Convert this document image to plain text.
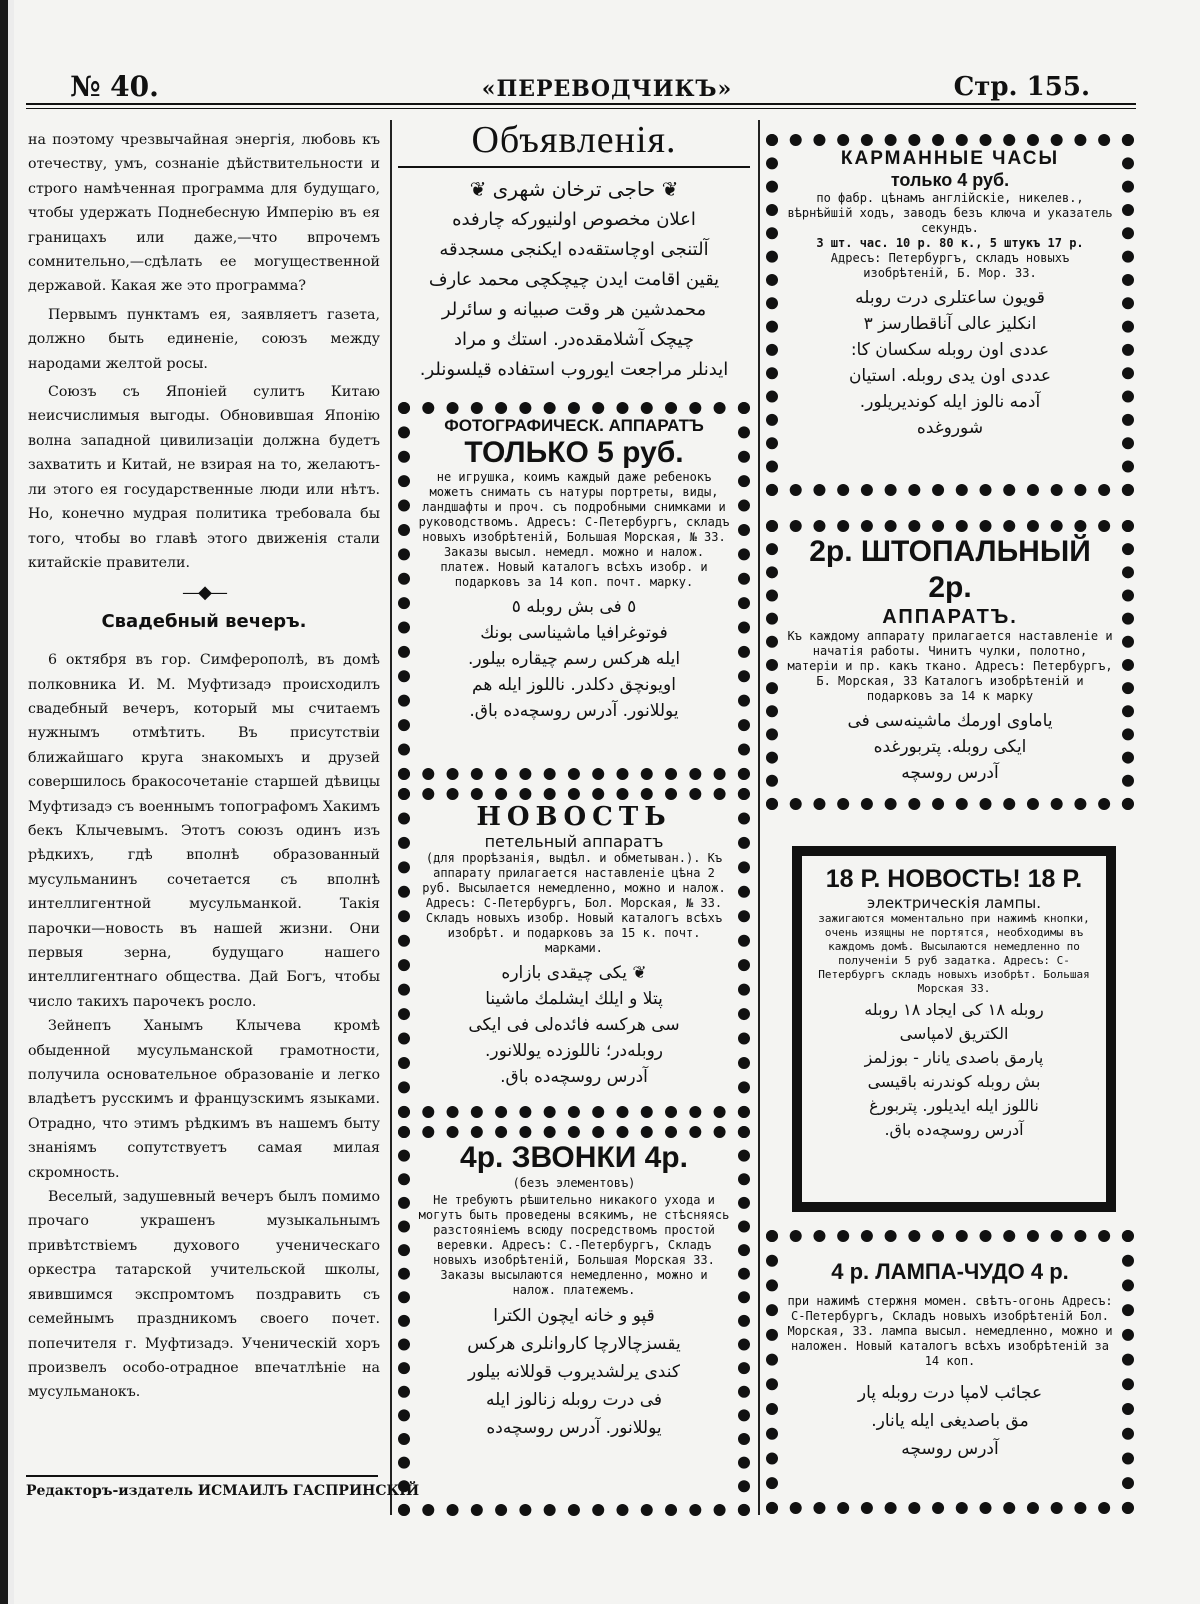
№ 40.	«ПЕРЕВОДЧИКЪ»	Стр. 155.

на поэтому чрезвычайная энергія, любовь къ отечеству, умъ, сознаніе дѣйствительности и строго намѣченная программа для будущаго, чтобы удержать Поднебесную Имперію въ ея границахъ или даже,—что впрочемъ сомнительно,—сдѣлать ее могущественной державой. Какая же это программа?

Первымъ пунктамъ ея, заявляетъ газета, должно быть единеніе, союзъ между народами желтой росы.

Союзъ съ Японіей сулитъ Китаю неисчислимыя выгоды. Обновившая Японію волна западной цивилизаціи должна будетъ захватить и Китай, не взирая на то, желаютъ-ли этого ея государственные люди или нѣтъ. Но, конечно мудрая политика требовала бы того, чтобы во главѣ этого движенія стали китайскіе правители.

—◆—
Свадебный вечеръ.

6 октября въ гор. Симферополѣ, въ домѣ полковника И. М. Муфтизадэ происходилъ свадебный вечеръ, который мы считаемъ нужнымъ отмѣтить. Въ присутствіи ближайшаго круга знакомыхъ и друзей совершилось бракосочетаніе старшей дѣвицы Муфтизадэ съ военнымъ топографомъ Хакимъ бекъ Клычевымъ. Этотъ союзъ одинъ изъ рѣдкихъ, гдѣ вполнѣ образованный мусульманинъ сочетается съ вполнѣ интеллигентной мусульманкой. Такія парочки—новость въ нашей жизни. Они первыя зерна, будущаго нашего интеллигентнаго общества. Дай Богъ, чтобы число такихъ парочекъ росло.

Зейнепъ Ханымъ Клычева кромѣ обыденной мусульманской грамотности, получила основательное образованіе и легко владѣетъ русскимъ и французскимъ языками. Отрадно, что этимъ рѣдкимъ въ нашемъ быту знаніямъ сопутствуетъ самая милая скромность.

Веселый, задушевный вечеръ былъ помимо прочаго украшенъ музыкальнымъ привѣтствіемъ духового ученическаго оркестра татарской учительской школы, явившимся экспромтомъ поздравить съ семейнымъ праздникомъ своего почет. попечителя г. Муфтизадэ. Ученическій хоръ произвелъ особо-отрадное впечатлѣніе на мусульманокъ.

Редакторъ-издатель ИСМАИЛЪ ГАСПРИНСКІЙ
Объявленія.
❦ حاجی ترخان شهری ❦
اعلان مخصوص اولنیورکه چارفده
آلتنجی اوچاستقه‌ده ایکنجی مسجدقه
یقین اقامت ایدن چیچکچی محمد عارف
محمدشین هر وقت صبیانه و سائرلر
چیچک آشلامقده‌در. استك و مراد
ایدنلر مراجعت ایوروب استفاده قیلسونلر.
ФОТОГРАФИЧЕСК. АППАРАТЪ
ТОЛЬКО 5 руб.
не игрушка, коимъ каждый даже ребенокъ можетъ снимать съ натуры портреты, виды, ландшафты и проч. съ подробными снимками и руководствомъ. Адресъ: С-Петербургъ, складъ новыхъ изобрѣтеній, Большая Морская, № 33. Заказы высыл. немедл. можно и налож. платеж. Новый каталогъ всѣхъ изобр. и подарковъ за 14 коп. почт. марку.
٥ فی بش روبله ٥
فوتوغرافیا ماشیناسی بونك
ایله هرکس رسم چیقاره بیلور.
اویونچق دکلدر. ناللوز ایله هم
یوللانور. آدرس روسچه‌ده باق.
НОВОСТЬ
петельный аппаратъ
(для прорѣзанія, выдѣл. и обметыван.). Къ аппарату прилагается наставленіе цѣна 2 руб. Высылается немедленно, можно и налож. Адресъ: С-Петербургъ, Бол. Морская, № 33. Складъ новыхъ изобр. Новый каталогъ всѣхъ изобрѣт. и подарковъ за 15 к. почт. марками.
❦ یکی چیقدی بازاره
پتلا و ایلك ایشلمك ماشینا
سی هرکسه فائده‌لی فی ایکی
روبله‌در؛ ناللوزده یوللانور.
آدرس روسچه‌ده باق.
4р. ЗВОНКИ 4р.
(безъ элементовъ)
Не требуютъ рѣшительно никакого ухода и могутъ быть проведены всякимъ, не стѣсняясь разстояніемъ всюду посредствомъ простой веревки. Адресъ: С.-Петербургъ, Складъ новыхъ изобрѣтеній, Большая Морская 33. Заказы высылаются немедленно, можно и налож. платежемъ.
قپو و خانه ایچون الکترا
یقسزچالارچا کاروانلری هرکس
کندی یرلشدیروب قوللانه بیلور
فی درت روبله زنالوز ایله
یوللانور. آدرس روسچه‌ده
КАРМАННЫЕ ЧАСЫ
только 4 руб.
по фабр. цѣнамъ англійскіе, никелев., вѣрнѣйшій ходъ, заводъ безъ ключа и указатель секундъ.
3 шт. час. 10 р. 80 к., 5 штукъ 17 р.
Адресъ: Петербургъ, складъ новыхъ изобрѣтеній, Б. Мор. 33.
قویون ساعتلری درت روبله
انکلیز عالی آناقطارسز ۳
عددی اون روبله سکسان کا:
عددی اون یدی روبله. استیان
آدمه نالوز ایله کوندیریلور.
شوروغده
2р. ШТОПАЛЬНЫЙ 2р.
АППАРАТЪ.
Къ каждому аппарату прилагается наставленіе и начатія работы. Чинитъ чулки, полотно, матеріи и пр. какъ ткано. Адресъ: Петербургъ, Б. Морская, 33 Каталогъ изобрѣтеній и подарковъ за 14 к марку
یاماوی اورمك ماشینه‌سی فی
ایکی روبله. پتربورغده
آدرس روسچه
18 Р. НОВОСТЬ! 18 Р.
электрическія лампы.
зажигаются моментально при нажимѣ кнопки, очень изящны не портятся, необходимы въ каждомъ домѣ. Высылаются немедленно по полученіи 5 руб задатка. Адресъ: С-Петербургъ складъ новыхъ изобрѣт. Большая Морская 33.
روبله ۱۸ کی ایجاد ۱۸ روبله
الکتریق لامپاسی
پارمق باصدی یانار - بوزلمز
بش روبله کوندرنه باقیسی
ناللوز ایله ایدیلور. پتربورغ
آدرس روسچه‌ده باق.
4 р. ЛАМПА-ЧУДО 4 р.
при нажимѣ стержня момен. свѣтъ-огонь Адресъ: С-Петербургъ, Складъ новыхъ изобрѣтеній Бол. Морская, 33. лампа высыл. немедленно, можно и наложен. Новый каталогъ всѣхъ изобрѣтеній за 14 коп.
عجائب لامپا درت روبله پار
مق باصدیغی ایله یانار.
آدرس روسچه
